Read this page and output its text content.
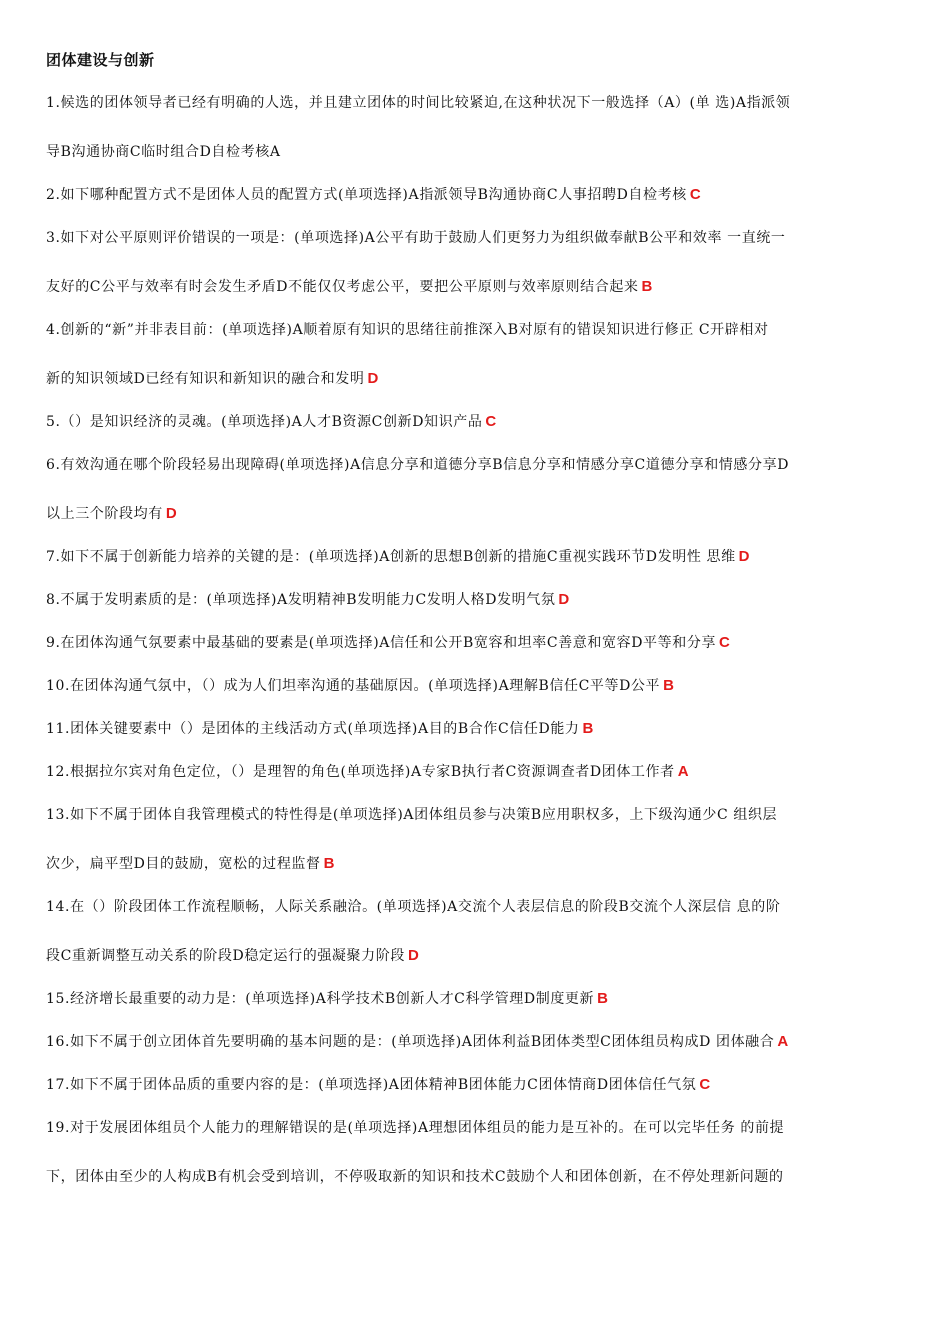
团体建设与创新
1.候选的团体领导者已经有明确的人选，并且建立团体的时间比较紧迫,在这种状况下一般选择（A）(单 选)A指派领
导B沟通协商C临时组合D自检考核A
2.如下哪种配置方式不是团体人员的配置方式(单项选择)A指派领导B沟通协商C人事招聘D自检考核 C
3.如下对公平原则评价错误的一项是：(单项选择)A公平有助于鼓励人们更努力为组织做奉献B公平和效率 一直统一
友好的C公平与效率有时会发生矛盾D不能仅仅考虑公平，要把公平原则与效率原则结合起来 B
4.创新的“新”并非表目前：(单项选择)A顺着原有知识的思绪往前推深入B对原有的错误知识进行修正 C开辟相对
新的知识领域D已经有知识和新知识的融合和发明 D
5.（）是知识经济的灵魂。(单项选择)A人才B资源C创新D知识产品 C
6.有效沟通在哪个阶段轻易出现障碍(单项选择)A信息分享和道德分享B信息分享和情感分享C道德分享和情感分享D
以上三个阶段均有 D
7.如下不属于创新能力培养的关键的是：(单项选择)A创新的思想B创新的措施C重视实践环节D发明性 思维 D
8.不属于发明素质的是：(单项选择)A发明精神B发明能力C发明人格D发明气氛 D
9.在团体沟通气氛要素中最基础的要素是(单项选择)A信任和公开B宽容和坦率C善意和宽容D平等和分享 C
10.在团体沟通气氛中，（）成为人们坦率沟通的基础原因。(单项选择)A理解B信任C平等D公平 B
11.团体关键要素中（）是团体的主线活动方式(单项选择)A目的B合作C信任D能力 B
12.根据拉尔宾对角色定位，（）是理智的角色(单项选择)A专家B执行者C资源调查者D团体工作者 A
13.如下不属于团体自我管理模式的特性得是(单项选择)A团体组员参与决策B应用职权多，上下级沟通少C 组织层
次少，扁平型D目的鼓励，宽松的过程监督 B
14.在（）阶段团体工作流程顺畅，人际关系融洽。(单项选择)A交流个人表层信息的阶段B交流个人深层信 息的阶
段C重新调整互动关系的阶段D稳定运行的强凝聚力阶段 D
15.经济增长最重要的动力是：(单项选择)A科学技术B创新人才C科学管理D制度更新 B
16.如下不属于创立团体首先要明确的基本问题的是：(单项选择)A团体利益B团体类型C团体组员构成D 团体融合 A
17.如下不属于团体品质的重要内容的是：(单项选择)A团体精神B团体能力C团体情商D团体信任气氛 C
19.对于发展团体组员个人能力的理解错误的是(单项选择)A理想团体组员的能力是互补的。在可以完毕任务 的前提
下，团体由至少的人构成B有机会受到培训，不停吸取新的知识和技术C鼓励个人和团体创新，在不停处理新问题的
